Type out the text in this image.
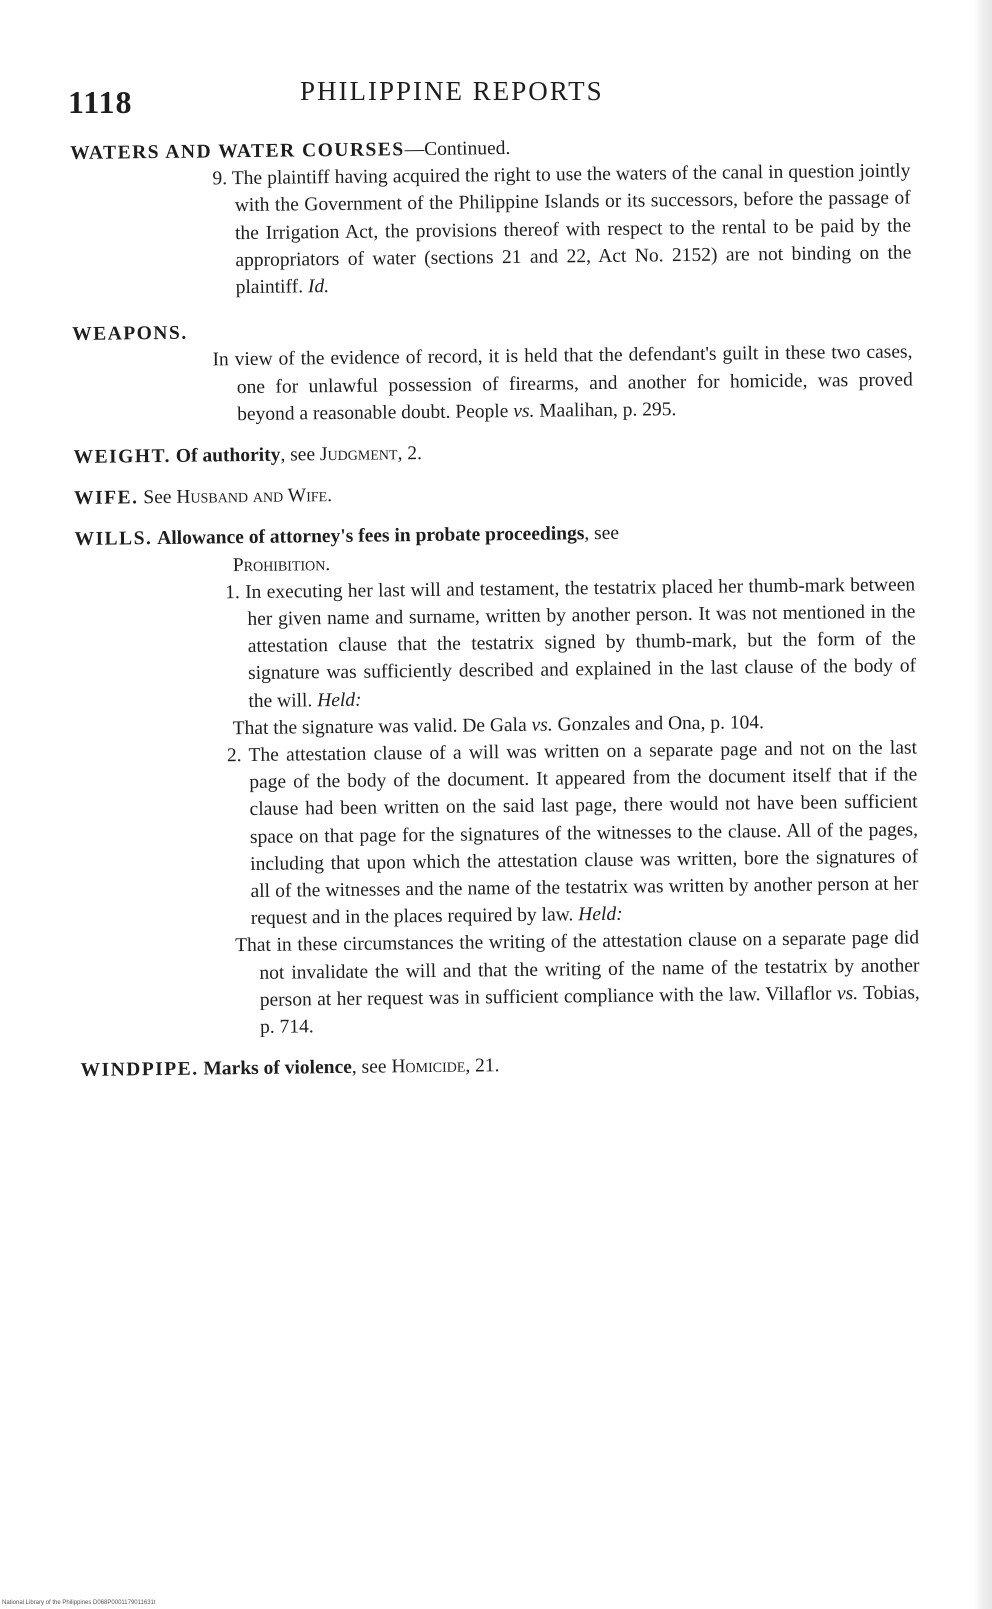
1118	PHILIPPINE REPORTS

WATERS AND WATER COURSES—Continued.

9. The plaintiff having acquired the right to use the waters of the canal in question jointly with the Government of the Philippine Islands or its successors, before the passage of the Irrigation Act, the provisions thereof with respect to the rental to be paid by the appropriators of water (sections 21 and 22, Act No. 2152) are not binding on the plaintiff. Id.

WEAPONS.

In view of the evidence of record, it is held that the defendant's guilt in these two cases, one for unlawful possession of firearms, and another for homicide, was proved beyond a reasonable doubt. People vs. Maalihan, p. 295.

WEIGHT. Of authority, see Judgment, 2.

WIFE. See Husband and Wife.

WILLS. Allowance of attorney's fees in probate proceedings, see

Prohibition.

1. In executing her last will and testament, the testatrix placed her thumb-mark between her given name and surname, written by another person. It was not mentioned in the attestation clause that the testatrix signed by thumb-mark, but the form of the signature was sufficiently described and explained in the last clause of the body of the will. Held:

That the signature was valid. De Gala vs. Gonzales and Ona, p. 104.

2. The attestation clause of a will was written on a separate page and not on the last page of the body of the document. It appeared from the document itself that if the clause had been written on the said last page, there would not have been sufficient space on that page for the signatures of the witnesses to the clause. All of the pages, including that upon which the attestation clause was written, bore the signatures of all of the witnesses and the name of the testatrix was written by another person at her request and in the places required by law. Held:

That in these circumstances the writing of the attestation clause on a separate page did not invalidate the will and that the writing of the name of the testatrix by another person at her request was in sufficient compliance with the law. Villaflor vs. Tobias, p. 714.

WINDPIPE. Marks of violence, see Homicide, 21.

National Library of the Philippines D068P0001179011631t
